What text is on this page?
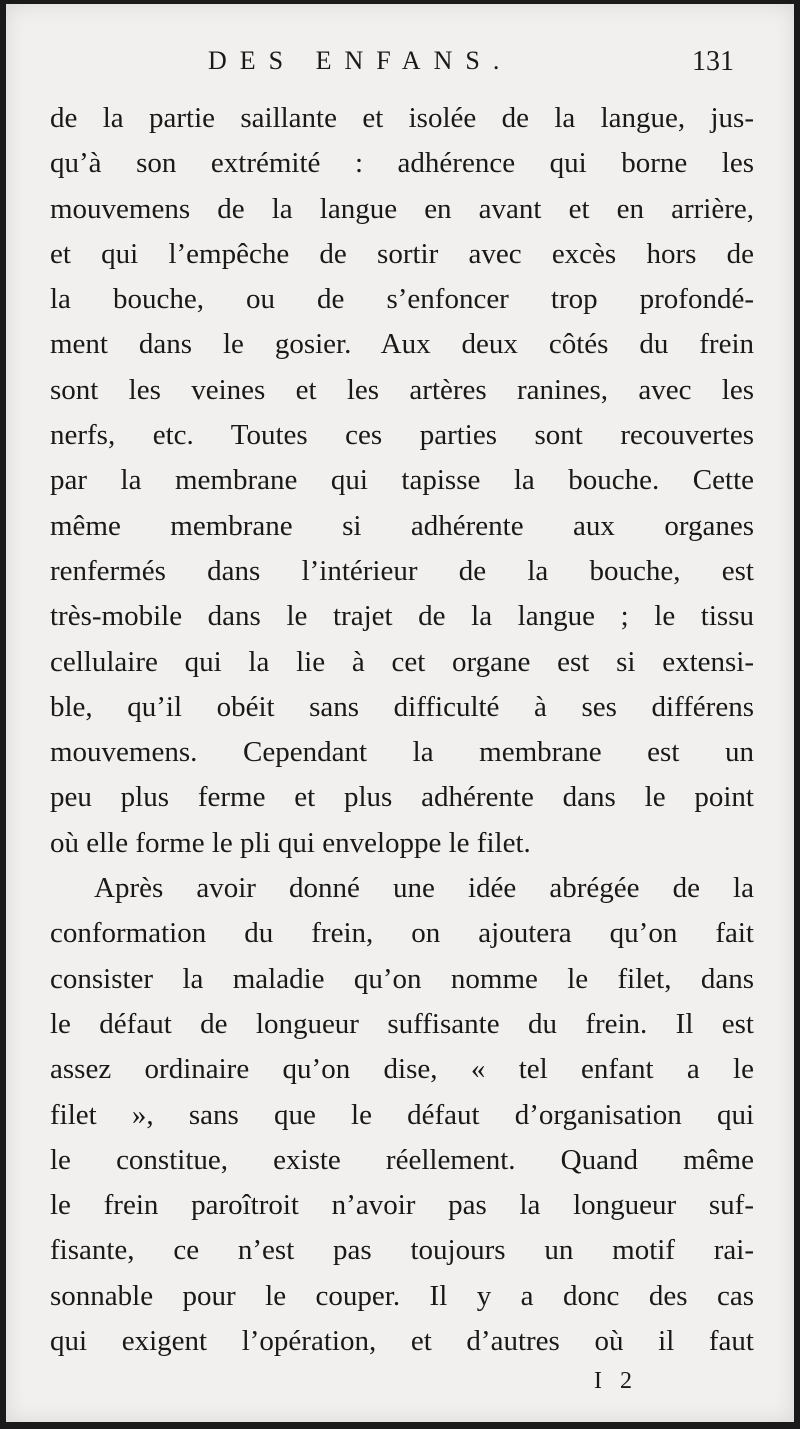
DES ENFANS.	131
de la partie saillante et isolée de la langue, jus-
qu’à son extrémité : adhérence qui borne les
mouvemens de la langue en avant et en arrière,
et qui l’empêche de sortir avec excès hors de
la bouche, ou de s’enfoncer trop profondé-
ment dans le gosier. Aux deux côtés du frein
sont les veines et les artères ranines, avec les
nerfs, etc. Toutes ces parties sont recouvertes
par la membrane qui tapisse la bouche. Cette
même membrane si adhérente aux organes
renfermés dans l’intérieur de la bouche, est
très-mobile dans le trajet de la langue ; le tissu
cellulaire qui la lie à cet organe est si extensi-
ble, qu’il obéit sans difficulté à ses différens
mouvemens. Cependant la membrane est un
peu plus ferme et plus adhérente dans le point
où elle forme le pli qui enveloppe le filet.
Après avoir donné une idée abrégée de la
conformation du frein, on ajoutera qu’on fait
consister la maladie qu’on nomme le filet, dans
le défaut de longueur suffisante du frein. Il est
assez ordinaire qu’on dise, « tel enfant a le
filet », sans que le défaut d’organisation qui
le constitue, existe réellement. Quand même
le frein paroîtroit n’avoir pas la longueur suf-
fisante, ce n’est pas toujours un motif rai-
sonnable pour le couper. Il y a donc des cas
qui exigent l’opération, et d’autres où il faut
I 2
